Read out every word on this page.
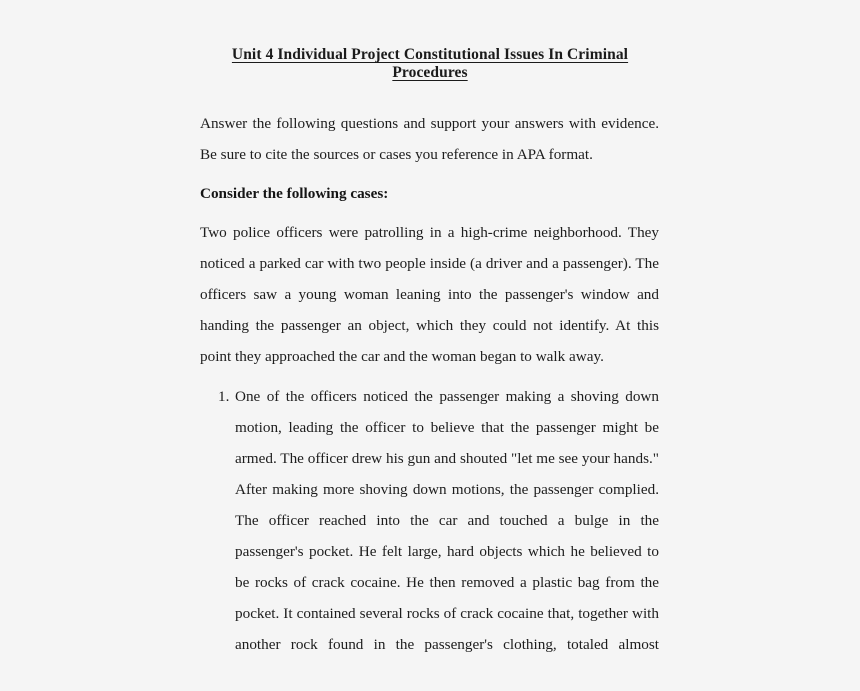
Unit 4 Individual Project Constitutional Issues In Criminal Procedures

Answer the following questions and support your answers with evidence. Be sure to cite the sources or cases you reference in APA format.

Consider the following cases:

Two police officers were patrolling in a high-crime neighborhood. They noticed a parked car with two people inside (a driver and a passenger). The officers saw a young woman leaning into the passenger's window and handing the passenger an object, which they could not identify. At this point they approached the car and the woman began to walk away.

1. One of the officers noticed the passenger making a shoving down motion, leading the officer to believe that the passenger might be armed. The officer drew his gun and shouted "let me see your hands." After making more shoving down motions, the passenger complied. The officer reached into the car and touched a bulge in the passenger's pocket. He felt large, hard objects which he believed to be rocks of crack cocaine. He then removed a plastic bag from the pocket. It contained several rocks of crack cocaine that, together with another rock found in the passenger's clothing, totaled almost
